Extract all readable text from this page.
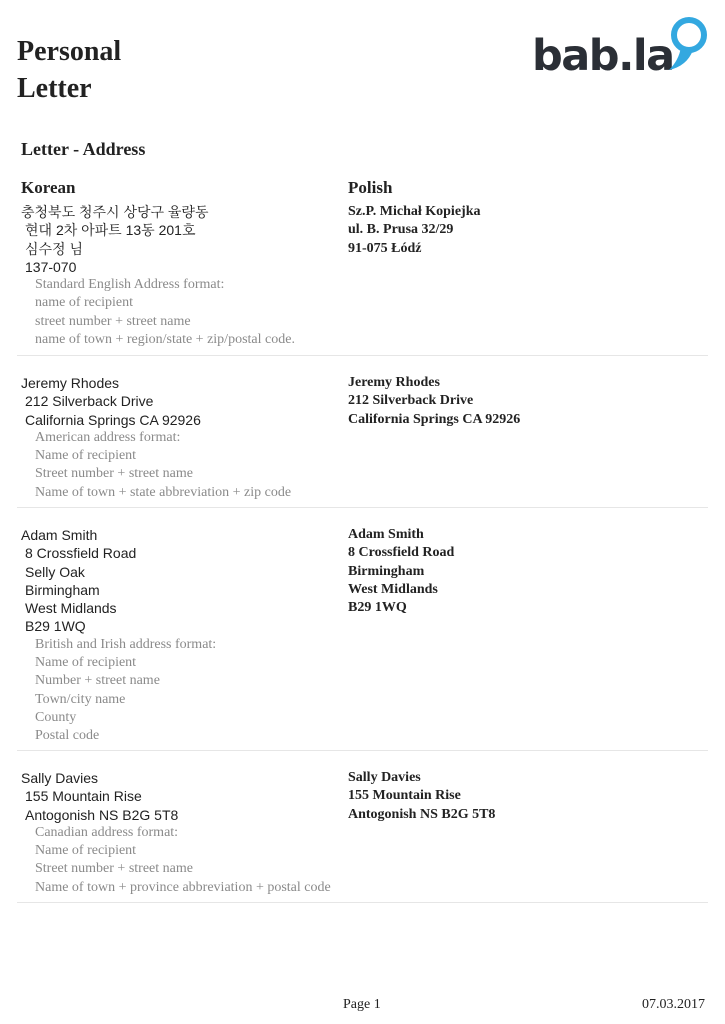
Personal
Letter
bab.la
Letter - Address
Korean	Polish
충청북도 청주시 상당구 율량동
현대 2차 아파트 13동 201호
심수정 님
137-070
Standard English Address format:
name of recipient
street number + street name
name of town + region/state + zip/postal code.
Sz.P. Michał Kopiejka
ul. B. Prusa 32/29
91-075 Łódź
Jeremy Rhodes
212 Silverback Drive
California Springs CA 92926
American address format:
Name of recipient
Street number + street name
Name of town + state abbreviation + zip code
Jeremy Rhodes
212 Silverback Drive
California Springs CA 92926
Adam Smith
8 Crossfield Road
Selly Oak
Birmingham
West Midlands
B29 1WQ
British and Irish address format:
Name of recipient
Number + street name
Town/city name
County
Postal code
Adam Smith
8 Crossfield Road
Birmingham
West Midlands
B29 1WQ
Sally Davies
155 Mountain Rise
Antogonish NS B2G 5T8
Canadian address format:
Name of recipient
Street number + street name
Name of town + province abbreviation + postal code
Sally Davies
155 Mountain Rise
Antogonish NS B2G 5T8
Page 1	07.03.2017
